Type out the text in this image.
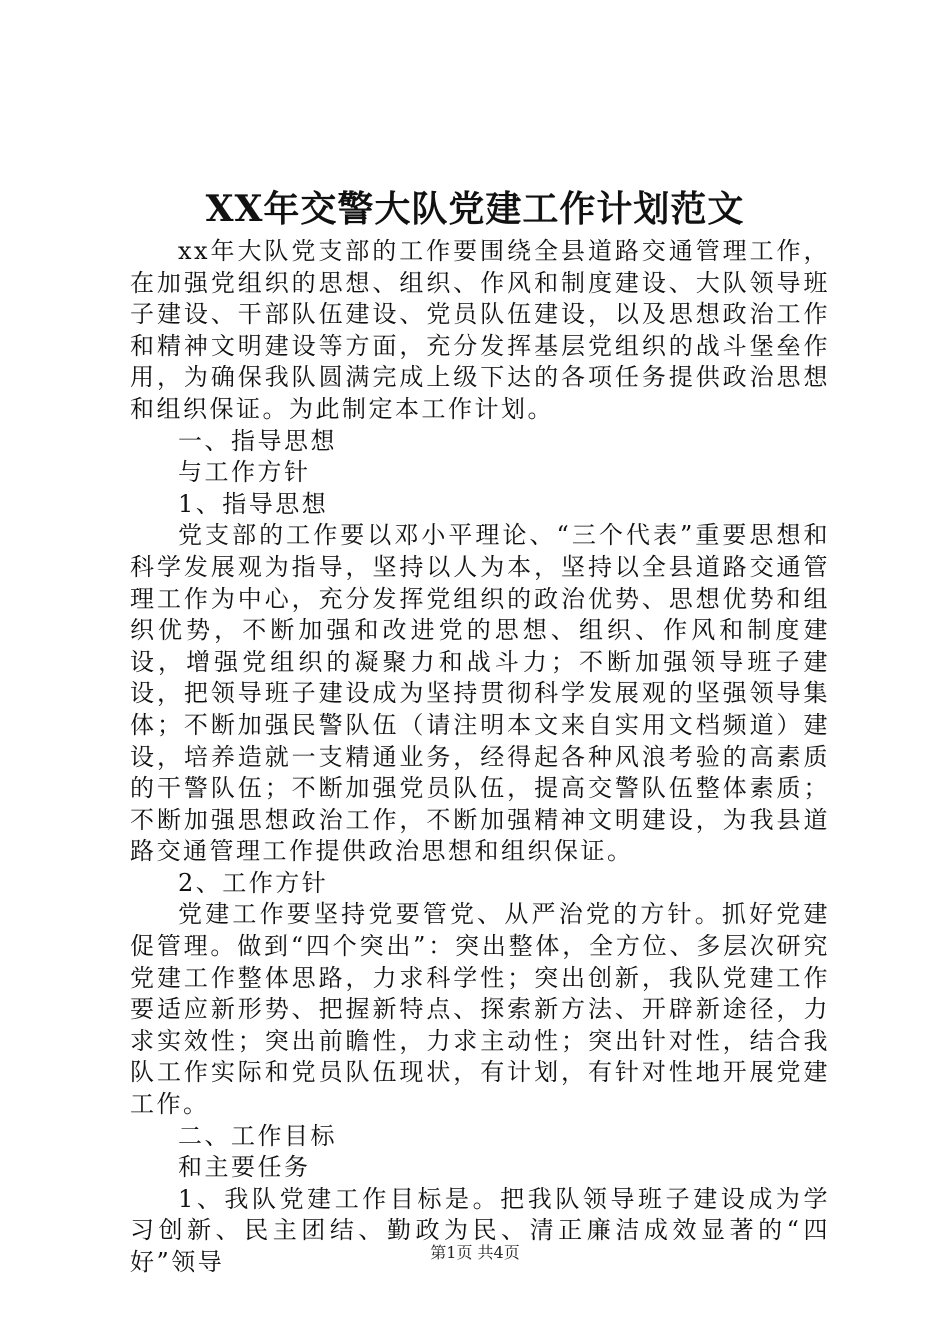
XX年交警大队党建工作计划范文

xx年大队党支部的工作要围绕全县道路交通管理工作，在加强党组织的思想、组织、作风和制度建设、大队领导班子建设、干部队伍建设、党员队伍建设，以及思想政治工作和精神文明建设等方面，充分发挥基层党组织的战斗堡垒作用，为确保我队圆满完成上级下达的各项任务提供政治思想和组织保证。为此制定本工作计划。

一、指导思想

与工作方针

1、指导思想

党支部的工作要以邓小平理论、“三个代表”重要思想和科学发展观为指导，坚持以人为本，坚持以全县道路交通管理工作为中心，充分发挥党组织的政治优势、思想优势和组织优势，不断加强和改进党的思想、组织、作风和制度建设，增强党组织的凝聚力和战斗力；不断加强领导班子建设，把领导班子建设成为坚持贯彻科学发展观的坚强领导集体；不断加强民警队伍（请注明本文来自实用文档频道）建设，培养造就一支精通业务，经得起各种风浪考验的高素质的干警队伍；不断加强党员队伍，提高交警队伍整体素质；不断加强思想政治工作，不断加强精神文明建设，为我县道路交通管理工作提供政治思想和组织保证。

2、工作方针

党建工作要坚持党要管党、从严治党的方针。抓好党建促管理。做到“四个突出”：突出整体，全方位、多层次研究党建工作整体思路，力求科学性；突出创新，我队党建工作要适应新形势、把握新特点、探索新方法、开辟新途径，力求实效性；突出前瞻性，力求主动性；突出针对性，结合我队工作实际和党员队伍现状，有计划，有针对性地开展党建工作。

二、工作目标

和主要任务

1、我队党建工作目标是。把我队领导班子建设成为学习创新、民主团结、勤政为民、清正廉洁成效显著的“四好”领导	第1页 共4页
